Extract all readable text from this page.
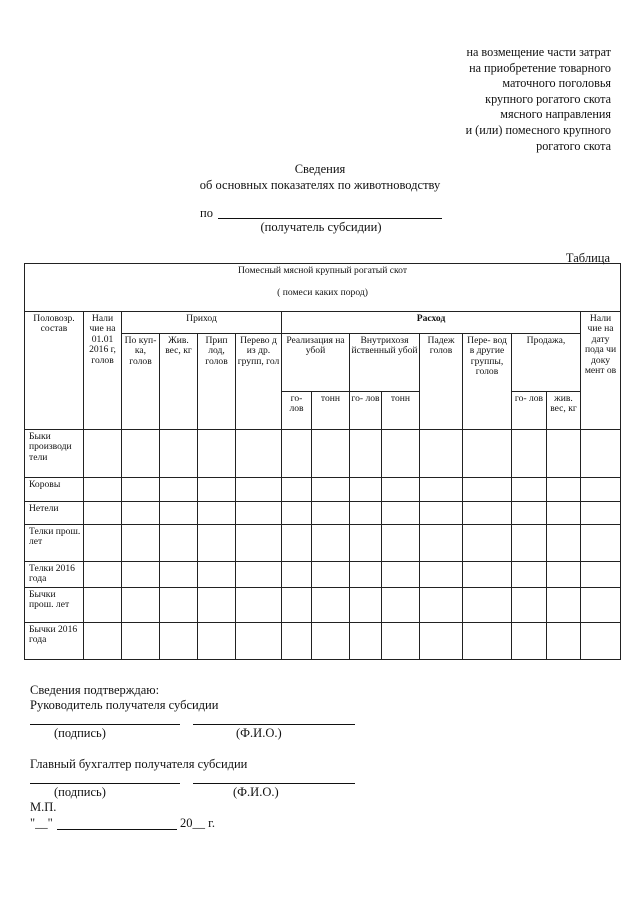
на возмещение части затрат
на приобретение товарного
маточного поголовья
крупного рогатого скота
мясного направления
и (или) помесного крупного
рогатого скота
Сведения
об основных показателях по животноводству
по
(получатель субсидии)
Таблица
Помесный мясной крупный рогатый скот
( помеси каких пород)														

Половозр. состав	Нали чие на 01.01 2016 г, голов	Приход				Расход								Нали чие на дату пода чи доку мент ов
		По куп- ка, голов	Жив. вес, кг	Прип лод, голов	Перево д из др. групп, гол	Реализация на убой		Внутрихозя йственный убой		Падеж голов	Пере- вод в другие группы, голов	Продажа,		
						го- лов	тонн	го- лов	тонн			го- лов	жив. вес, кг	
Быки производи тели														
Коровы														
Нетели														
Телки прош. лет														
Телки 2016 года														
Бычки прош. лет														
Бычки 2016 года														
Сведения подтверждаю:
Руководитель получателя субсидии
(подпись)	(Ф.И.О.)
Главный бухгалтер получателя субсидии
(подпись)	(Ф.И.О.)
М.П.
"__"	20__ г.
